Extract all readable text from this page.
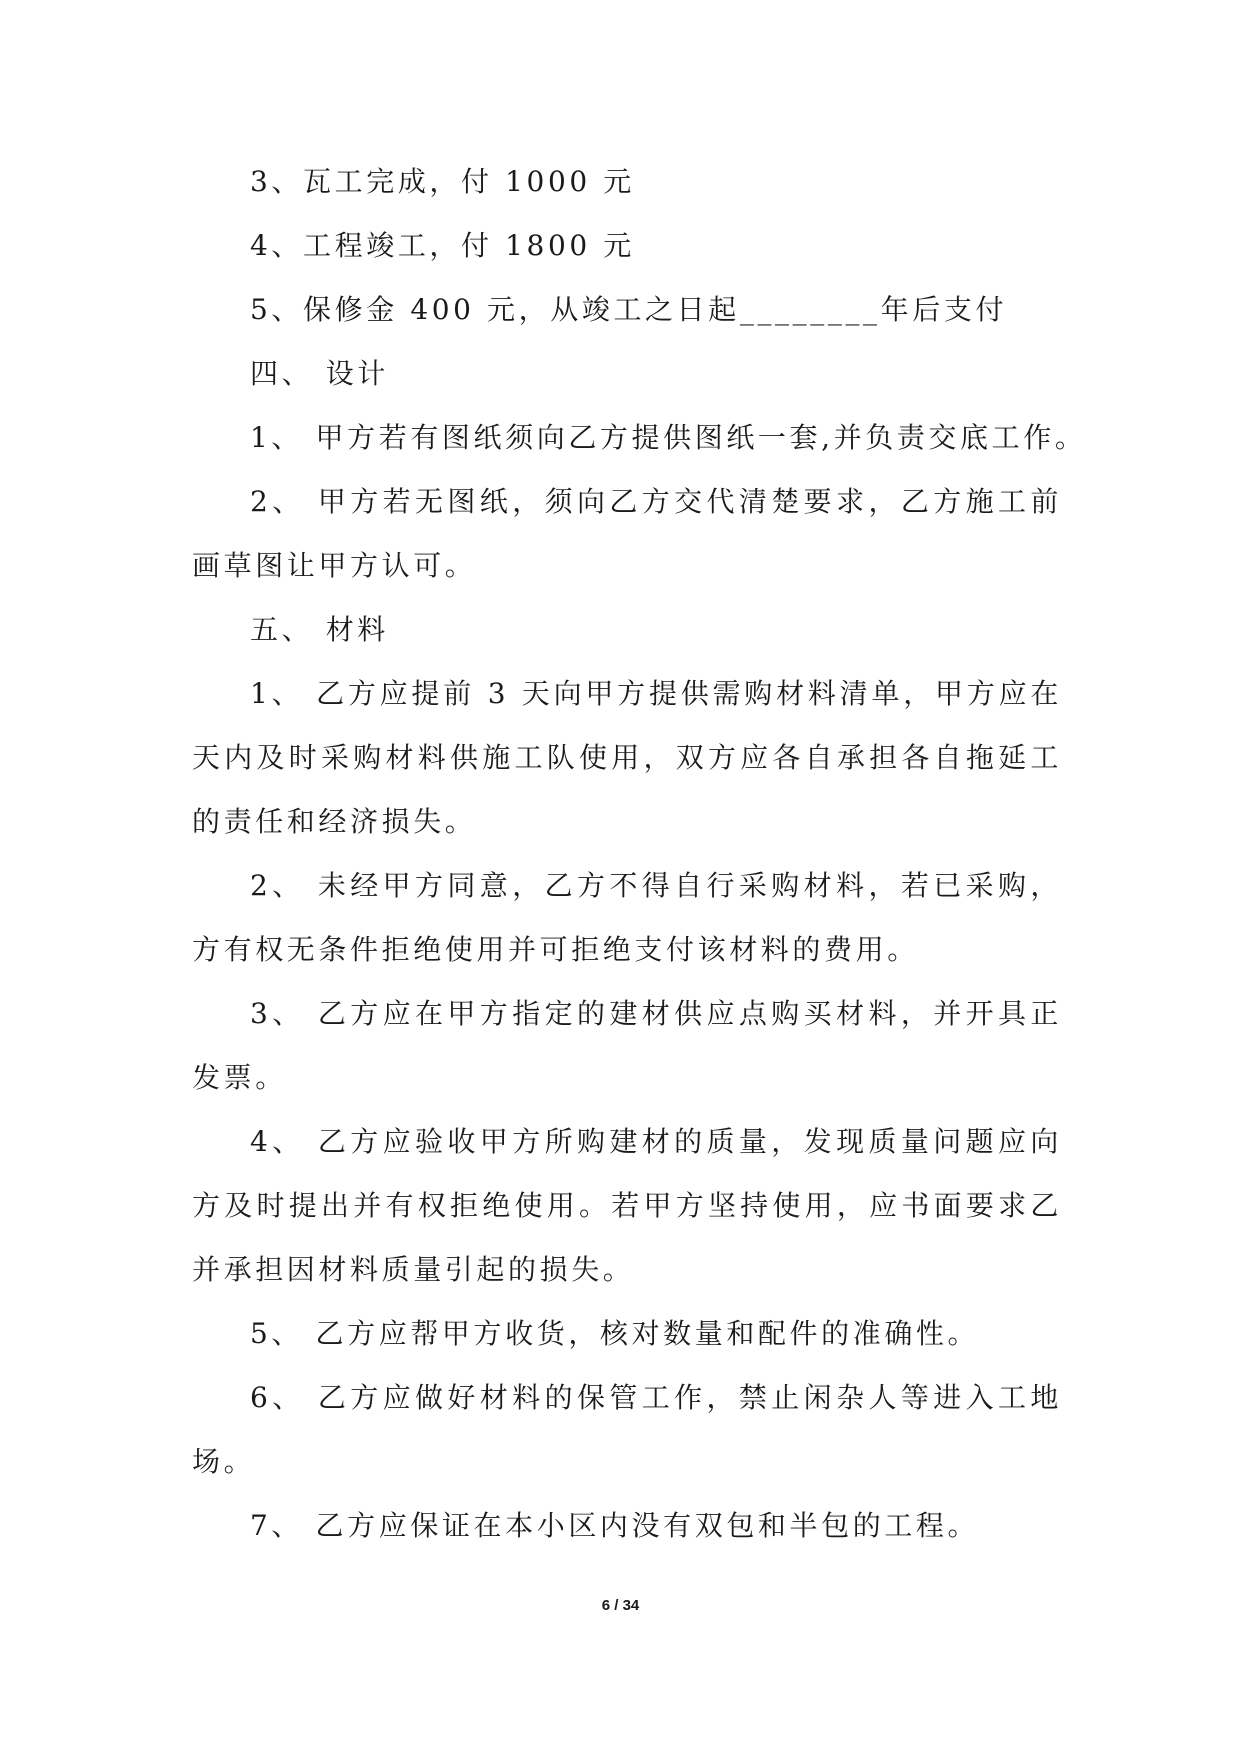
3、瓦工完成，付 1000 元
4、工程竣工，付 1800 元
5、保修金 400 元，从竣工之日起________年后支付
四、 设计
1、 甲方若有图纸须向乙方提供图纸一套,并负责交底工作。
2、 甲方若无图纸，须向乙方交代清楚要求，乙方施工前
画草图让甲方认可。
五、 材料
1、 乙方应提前 3 天向甲方提供需购材料清单，甲方应在
天内及时采购材料供施工队使用，双方应各自承担各自拖延工
的责任和经济损失。
2、 未经甲方同意，乙方不得自行采购材料，若已采购，
方有权无条件拒绝使用并可拒绝支付该材料的费用。
3、 乙方应在甲方指定的建材供应点购买材料，并开具正
发票。
4、 乙方应验收甲方所购建材的质量，发现质量问题应向
方及时提出并有权拒绝使用。若甲方坚持使用，应书面要求乙
并承担因材料质量引起的损失。
5、 乙方应帮甲方收货，核对数量和配件的准确性。
6、 乙方应做好材料的保管工作，禁止闲杂人等进入工地
场。
7、 乙方应保证在本小区内没有双包和半包的工程。
6 / 34
